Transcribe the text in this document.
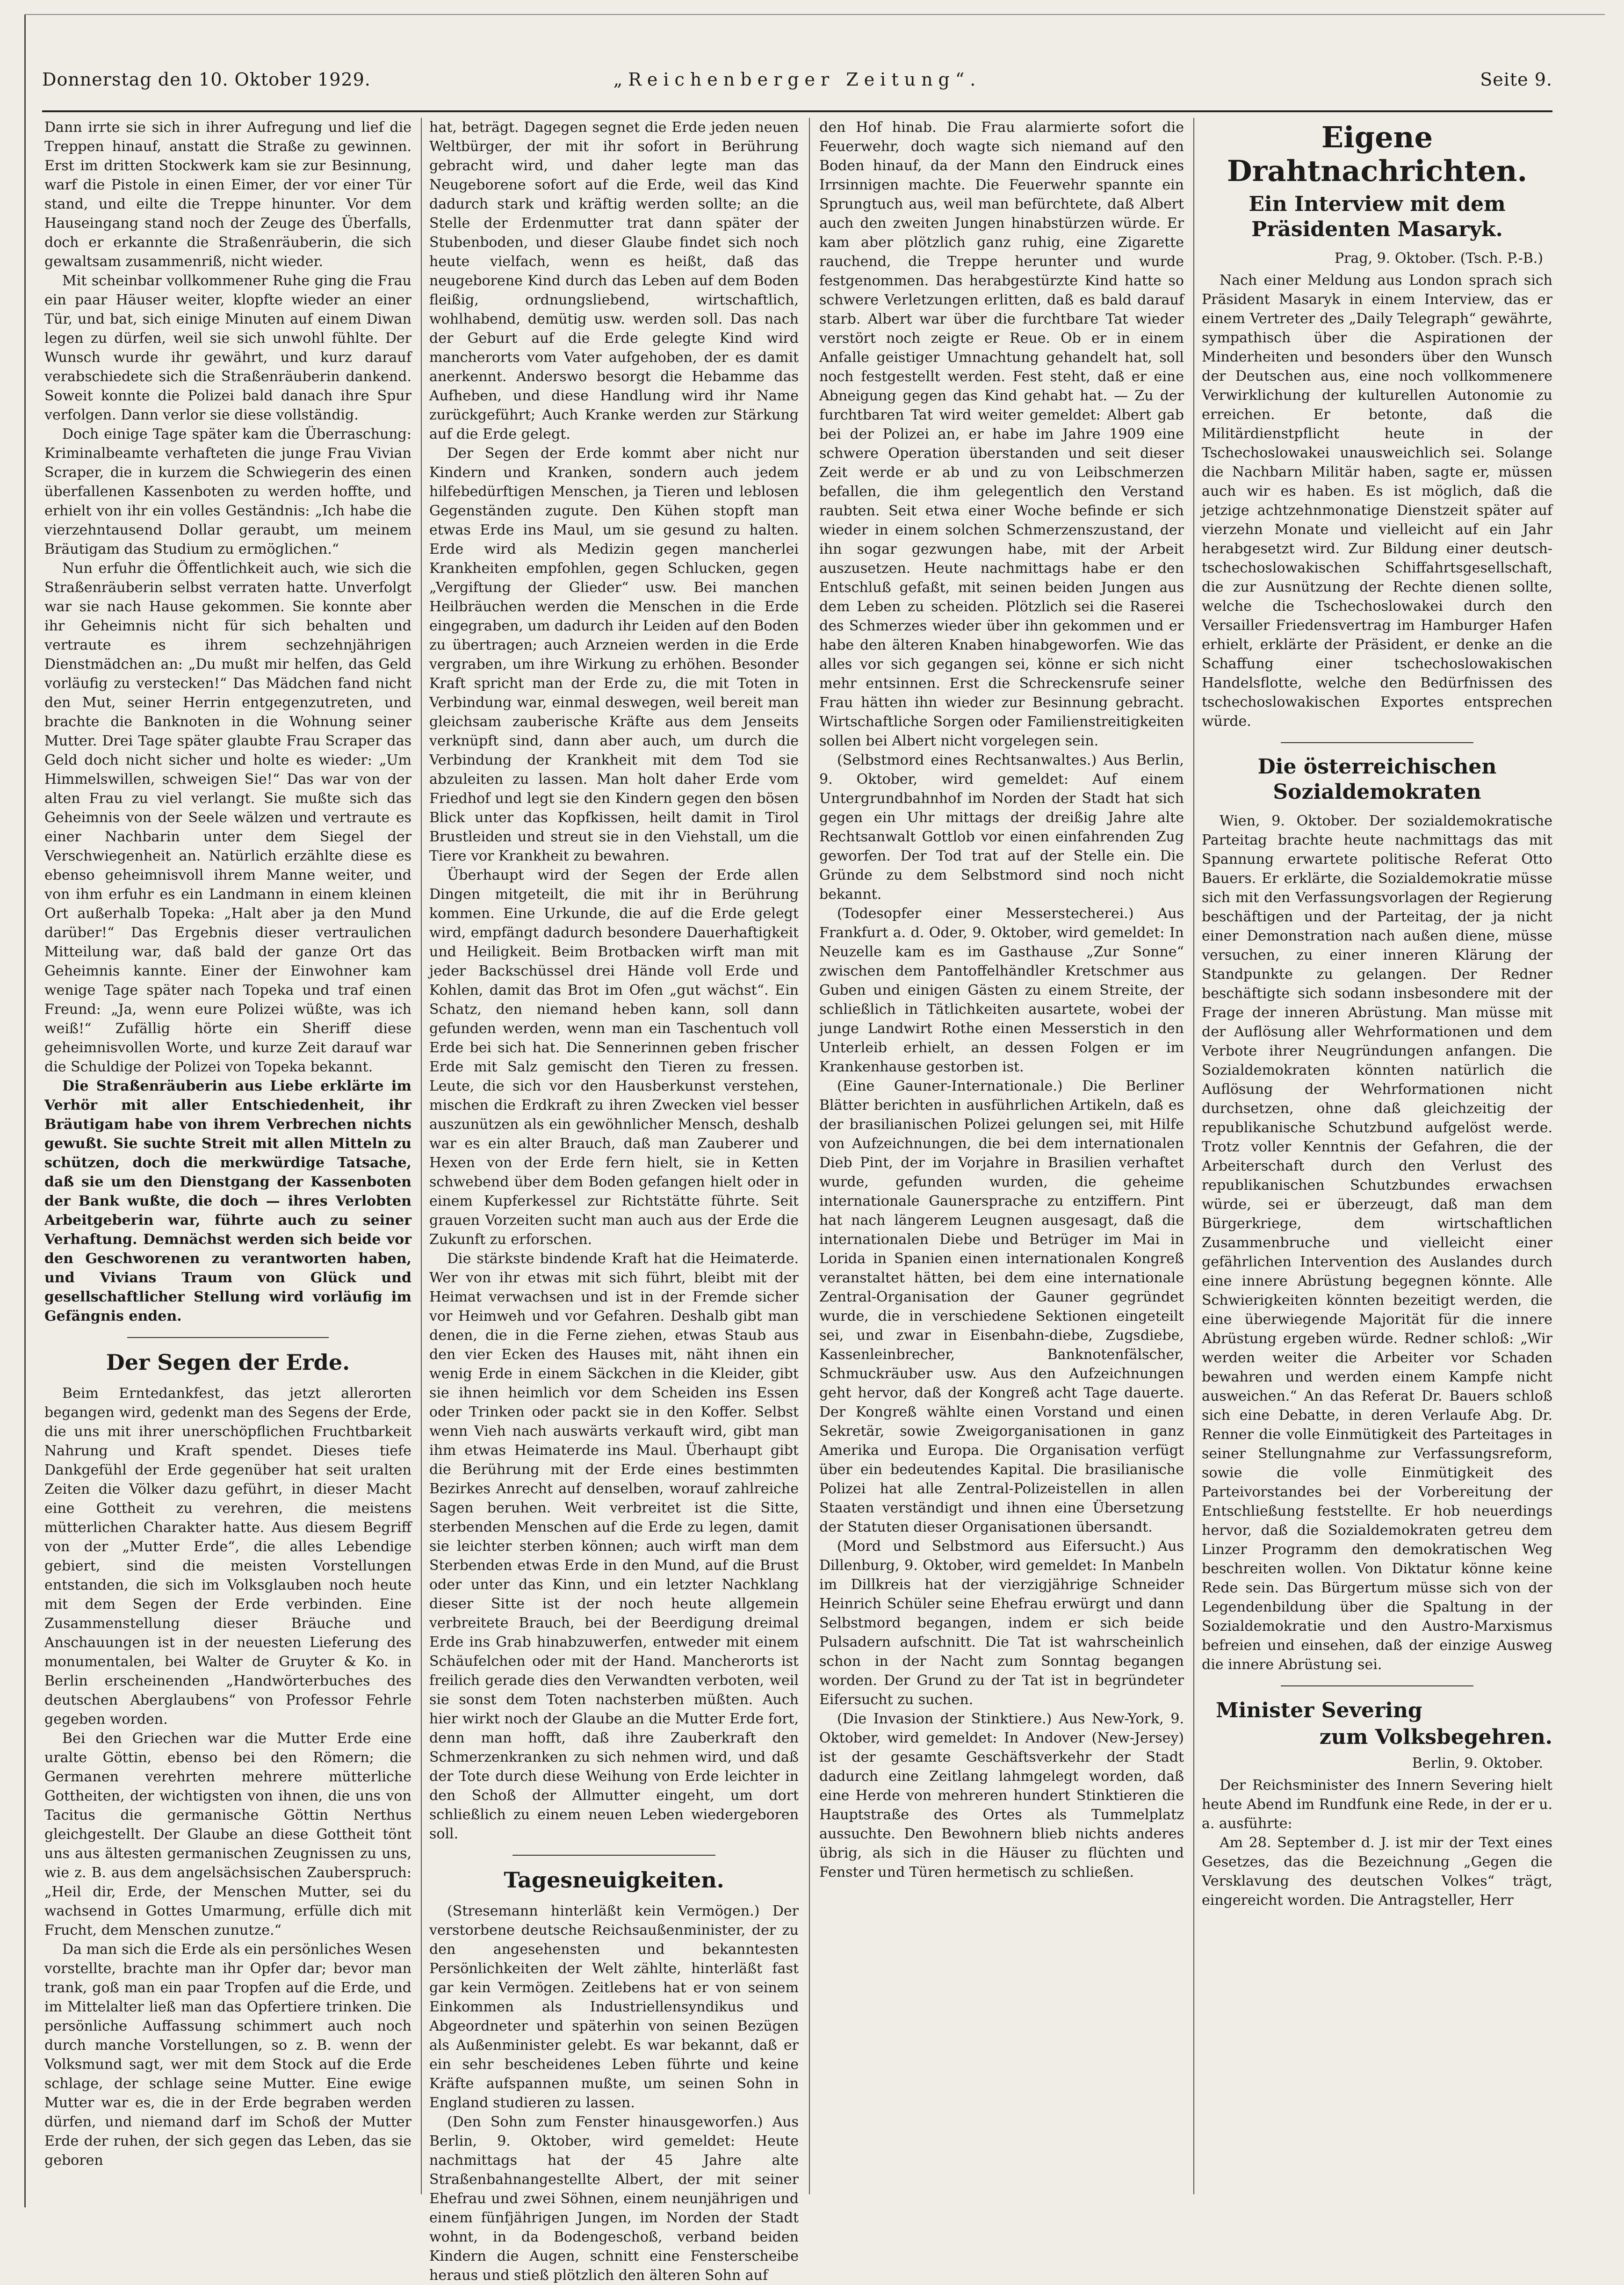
Donnerstag den 10. Oktober 1929.	„Reichenberger Zeitung“.	Seite 9.

Dann irrte sie sich in ihrer Aufregung und lief die Treppen hinauf, anstatt die Straße zu gewinnen. Erst im dritten Stockwerk kam sie zur Besinnung, warf die Pistole in einen Eimer, der vor einer Tür stand, und eilte die Treppe hinunter. Vor dem Hauseingang stand noch der Zeuge des Überfalls, doch er erkannte die Straßenräuberin, die sich gewaltsam zusammenriß, nicht wieder.

Mit scheinbar vollkommener Ruhe ging die Frau ein paar Häuser weiter, klopfte wieder an einer Tür, und bat, sich einige Minuten auf einem Diwan legen zu dürfen, weil sie sich unwohl fühlte. Der Wunsch wurde ihr gewährt, und kurz darauf verabschiedete sich die Straßenräuberin dankend. Soweit konnte die Polizei bald danach ihre Spur verfolgen. Dann verlor sie diese vollständig.

Doch einige Tage später kam die Überraschung: Kriminalbeamte verhafteten die junge Frau Vivian Scraper, die in kurzem die Schwiegerin des einen überfallenen Kassenboten zu werden hoffte, und erhielt von ihr ein volles Geständnis: „Ich habe die vierzehntausend Dollar geraubt, um meinem Bräutigam das Studium zu ermöglichen.“

Nun erfuhr die Öffentlichkeit auch, wie sich die Straßenräuberin selbst verraten hatte. Unverfolgt war sie nach Hause gekommen. Sie konnte aber ihr Geheimnis nicht für sich behalten und vertraute es ihrem sechzehnjährigen Dienstmädchen an: „Du mußt mir helfen, das Geld vorläufig zu verstecken!“ Das Mädchen fand nicht den Mut, seiner Herrin entgegenzutreten, und brachte die Banknoten in die Wohnung seiner Mutter. Drei Tage später glaubte Frau Scraper das Geld doch nicht sicher und holte es wieder: „Um Himmelswillen, schweigen Sie!“ Das war von der alten Frau zu viel verlangt. Sie mußte sich das Geheimnis von der Seele wälzen und vertraute es einer Nachbarin unter dem Siegel der Verschwiegenheit an. Natürlich erzählte diese es ebenso geheimnisvoll ihrem Manne weiter, und von ihm erfuhr es ein Landmann in einem kleinen Ort außerhalb Topeka: „Halt aber ja den Mund darüber!“ Das Ergebnis dieser vertraulichen Mitteilung war, daß bald der ganze Ort das Geheimnis kannte. Einer der Einwohner kam wenige Tage später nach Topeka und traf einen Freund: „Ja, wenn eure Polizei wüßte, was ich weiß!“ Zufällig hörte ein Sheriff diese geheimnisvollen Worte, und kurze Zeit darauf war die Schuldige der Polizei von Topeka bekannt.

Die Straßenräuberin aus Liebe erklärte im Verhör mit aller Entschiedenheit, ihr Bräutigam habe von ihrem Verbrechen nichts gewußt. Sie suchte Streit mit allen Mitteln zu schützen, doch die merkwürdige Tatsache, daß sie um den Dienstgang der Kassenboten der Bank wußte, die doch — ihres Verlobten Arbeitgeberin war, führte auch zu seiner Verhaftung. Demnächst werden sich beide vor den Geschworenen zu verantworten haben, und Vivians Traum von Glück und gesellschaftlicher Stellung wird vorläufig im Gefängnis enden.

Der Segen der Erde.

Beim Erntedankfest, das jetzt allerorten begangen wird, gedenkt man des Segens der Erde, die uns mit ihrer unerschöpflichen Fruchtbarkeit Nahrung und Kraft spendet. Dieses tiefe Dankgefühl der Erde gegenüber hat seit uralten Zeiten die Völker dazu geführt, in dieser Macht eine Gottheit zu verehren, die meistens mütterlichen Charakter hatte. Aus diesem Begriff von der „Mutter Erde“, die alles Lebendige gebiert, sind die meisten Vorstellungen entstanden, die sich im Volksglauben noch heute mit dem Segen der Erde verbinden. Eine Zusammenstellung dieser Bräuche und Anschauungen ist in der neuesten Lieferung des monumentalen, bei Walter de Gruyter & Ko. in Berlin erscheinenden „Handwörterbuches des deutschen Aberglaubens“ von Professor Fehrle gegeben worden.

Bei den Griechen war die Mutter Erde eine uralte Göttin, ebenso bei den Römern; die Germanen verehrten mehrere mütterliche Gottheiten, der wichtigsten von ihnen, die uns von Tacitus die germanische Göttin Nerthus gleichgestellt. Der Glaube an diese Gottheit tönt uns aus ältesten germanischen Zeugnissen zu uns, wie z. B. aus dem angelsächsischen Zauberspruch: „Heil dir, Erde, der Menschen Mutter, sei du wachsend in Gottes Umarmung, erfülle dich mit Frucht, dem Menschen zunutze.“

Da man sich die Erde als ein persönliches Wesen vorstellte, brachte man ihr Opfer dar; bevor man trank, goß man ein paar Tropfen auf die Erde, und im Mittelalter ließ man das Opfertiere trinken. Die persönliche Auffassung schimmert auch noch durch manche Vorstellungen, so z. B. wenn der Volksmund sagt, wer mit dem Stock auf die Erde schlage, der schlage seine Mutter. Eine ewige Mutter war es, die in der Erde begraben werden dürfen, und niemand darf im Schoß der Mutter Erde der ruhen, der sich gegen das Leben, das sie geboren

hat, beträgt. Dagegen segnet die Erde jeden neuen Weltbürger, der mit ihr sofort in Berührung gebracht wird, und daher legte man das Neugeborene sofort auf die Erde, weil das Kind dadurch stark und kräftig werden sollte; an die Stelle der Erdenmutter trat dann später der Stubenboden, und dieser Glaube findet sich noch heute vielfach, wenn es heißt, daß das neugeborene Kind durch das Leben auf dem Boden fleißig, ordnungsliebend, wirtschaftlich, wohlhabend, demütig usw. werden soll. Das nach der Geburt auf die Erde gelegte Kind wird mancherorts vom Vater aufgehoben, der es damit anerkennt. Anderswo besorgt die Hebamme das Aufheben, und diese Handlung wird ihr Name zurückgeführt; Auch Kranke werden zur Stärkung auf die Erde gelegt.

Der Segen der Erde kommt aber nicht nur Kindern und Kranken, sondern auch jedem hilfebedürftigen Menschen, ja Tieren und leblosen Gegenständen zugute. Den Kühen stopft man etwas Erde ins Maul, um sie gesund zu halten. Erde wird als Medizin gegen mancherlei Krankheiten empfohlen, gegen Schlucken, gegen „Vergiftung der Glieder“ usw. Bei manchen Heilbräuchen werden die Menschen in die Erde eingegraben, um dadurch ihr Leiden auf den Boden zu übertragen; auch Arzneien werden in die Erde vergraben, um ihre Wirkung zu erhöhen. Besonder Kraft spricht man der Erde zu, die mit Toten in Verbindung war, einmal deswegen, weil bereit man gleichsam zauberische Kräfte aus dem Jenseits verknüpft sind, dann aber auch, um durch die Verbindung der Krankheit mit dem Tod sie abzuleiten zu lassen. Man holt daher Erde vom Friedhof und legt sie den Kindern gegen den bösen Blick unter das Kopfkissen, heilt damit in Tirol Brustleiden und streut sie in den Viehstall, um die Tiere vor Krankheit zu bewahren.

Überhaupt wird der Segen der Erde allen Dingen mitgeteilt, die mit ihr in Berührung kommen. Eine Urkunde, die auf die Erde gelegt wird, empfängt dadurch besondere Dauerhaftigkeit und Heiligkeit. Beim Brotbacken wirft man mit jeder Backschüssel drei Hände voll Erde und Kohlen, damit das Brot im Ofen „gut wächst“. Ein Schatz, den niemand heben kann, soll dann gefunden werden, wenn man ein Taschentuch voll Erde bei sich hat. Die Sennerinnen geben frischer Erde mit Salz gemischt den Tieren zu fressen. Leute, die sich vor den Hausberkunst verstehen, mischen die Erdkraft zu ihren Zwecken viel besser auszunützen als ein gewöhnlicher Mensch, deshalb war es ein alter Brauch, daß man Zauberer und Hexen von der Erde fern hielt, sie in Ketten schwebend über dem Boden gefangen hielt oder in einem Kupferkessel zur Richtstätte führte. Seit grauen Vorzeiten sucht man auch aus der Erde die Zukunft zu erforschen.

Die stärkste bindende Kraft hat die Heimaterde. Wer von ihr etwas mit sich führt, bleibt mit der Heimat verwachsen und ist in der Fremde sicher vor Heimweh und vor Gefahren. Deshalb gibt man denen, die in die Ferne ziehen, etwas Staub aus den vier Ecken des Hauses mit, näht ihnen ein wenig Erde in einem Säckchen in die Kleider, gibt sie ihnen heimlich vor dem Scheiden ins Essen oder Trinken oder packt sie in den Koffer. Selbst wenn Vieh nach auswärts verkauft wird, gibt man ihm etwas Heimaterde ins Maul. Überhaupt gibt die Berührung mit der Erde eines bestimmten Bezirkes Anrecht auf denselben, worauf zahlreiche Sagen beruhen. Weit verbreitet ist die Sitte, sterbenden Menschen auf die Erde zu legen, damit sie leichter sterben können; auch wirft man dem Sterbenden etwas Erde in den Mund, auf die Brust oder unter das Kinn, und ein letzter Nachklang dieser Sitte ist der noch heute allgemein verbreitete Brauch, bei der Beerdigung dreimal Erde ins Grab hinabzuwerfen, entweder mit einem Schäufelchen oder mit der Hand. Mancherorts ist freilich gerade dies den Verwandten verboten, weil sie sonst dem Toten nachsterben müßten. Auch hier wirkt noch der Glaube an die Mutter Erde fort, denn man hofft, daß ihre Zauberkraft den Schmerzenkranken zu sich nehmen wird, und daß der Tote durch diese Weihung von Erde leichter in den Schoß der Allmutter eingeht, um dort schließlich zu einem neuen Leben wiedergeboren soll.

Tagesneuigkeiten.

(Stresemann hinterläßt kein Vermögen.) Der verstorbene deutsche Reichsaußenminister, der zu den angesehensten und bekanntesten Persönlichkeiten der Welt zählte, hinterläßt fast gar kein Vermögen. Zeitlebens hat er von seinem Einkommen als Industriellensyndikus und Abgeordneter und späterhin von seinen Bezügen als Außenminister gelebt. Es war bekannt, daß er ein sehr bescheidenes Leben führte und keine Kräfte aufspannen mußte, um seinen Sohn in England studieren zu lassen.

(Den Sohn zum Fenster hinausgeworfen.) Aus Berlin, 9. Oktober, wird gemeldet: Heute nachmittags hat der 45 Jahre alte Straßenbahnangestellte Albert, der mit seiner Ehefrau und zwei Söhnen, einem neunjährigen und einem fünfjährigen Jungen, im Norden der Stadt wohnt, in da Bodengeschoß, verband beiden Kindern die Augen, schnitt eine Fensterscheibe heraus und stieß plötzlich den älteren Sohn auf

den Hof hinab. Die Frau alarmierte sofort die Feuerwehr, doch wagte sich niemand auf den Boden hinauf, da der Mann den Eindruck eines Irrsinnigen machte. Die Feuerwehr spannte ein Sprungtuch aus, weil man befürchtete, daß Albert auch den zweiten Jungen hinabstürzen würde. Er kam aber plötzlich ganz ruhig, eine Zigarette rauchend, die Treppe herunter und wurde festgenommen. Das herabgestürzte Kind hatte so schwere Verletzungen erlitten, daß es bald darauf starb. Albert war über die furchtbare Tat wieder verstört noch zeigte er Reue. Ob er in einem Anfalle geistiger Umnachtung gehandelt hat, soll noch festgestellt werden. Fest steht, daß er eine Abneigung gegen das Kind gehabt hat. — Zu der furchtbaren Tat wird weiter gemeldet: Albert gab bei der Polizei an, er habe im Jahre 1909 eine schwere Operation überstanden und seit dieser Zeit werde er ab und zu von Leibschmerzen befallen, die ihm gelegentlich den Verstand raubten. Seit etwa einer Woche befinde er sich wieder in einem solchen Schmerzenszustand, der ihn sogar gezwungen habe, mit der Arbeit auszusetzen. Heute nachmittags habe er den Entschluß gefaßt, mit seinen beiden Jungen aus dem Leben zu scheiden. Plötzlich sei die Raserei des Schmerzes wieder über ihn gekommen und er habe den älteren Knaben hinabgeworfen. Wie das alles vor sich gegangen sei, könne er sich nicht mehr entsinnen. Erst die Schreckensrufe seiner Frau hätten ihn wieder zur Besinnung gebracht. Wirtschaftliche Sorgen oder Familienstreitigkeiten sollen bei Albert nicht vorgelegen sein.

(Selbstmord eines Rechtsanwaltes.) Aus Berlin, 9. Oktober, wird gemeldet: Auf einem Untergrundbahnhof im Norden der Stadt hat sich gegen ein Uhr mittags der dreißig Jahre alte Rechtsanwalt Gottlob vor einen einfahrenden Zug geworfen. Der Tod trat auf der Stelle ein. Die Gründe zu dem Selbstmord sind noch nicht bekannt.

(Todesopfer einer Messerstecherei.) Aus Frankfurt a. d. Oder, 9. Oktober, wird gemeldet: In Neuzelle kam es im Gasthause „Zur Sonne“ zwischen dem Pantoffelhändler Kretschmer aus Guben und einigen Gästen zu einem Streite, der schließlich in Tätlichkeiten ausartete, wobei der junge Landwirt Rothe einen Messerstich in den Unterleib erhielt, an dessen Folgen er im Krankenhause gestorben ist.

(Eine Gauner-Internationale.) Die Berliner Blätter berichten in ausführlichen Artikeln, daß es der brasilianischen Polizei gelungen sei, mit Hilfe von Aufzeichnungen, die bei dem internationalen Dieb Pint, der im Vorjahre in Brasilien verhaftet wurde, gefunden wurden, die geheime internationale Gaunersprache zu entziffern. Pint hat nach längerem Leugnen ausgesagt, daß die internationalen Diebe und Betrüger im Mai in Lorida in Spanien einen internationalen Kongreß veranstaltet hätten, bei dem eine internationale Zentral-Organisation der Gauner gegründet wurde, die in verschiedene Sektionen eingeteilt sei, und zwar in Eisenbahn-diebe, Zugsdiebe, Kassenleinbrecher, Banknotenfälscher, Schmuckräuber usw. Aus den Aufzeichnungen geht hervor, daß der Kongreß acht Tage dauerte. Der Kongreß wählte einen Vorstand und einen Sekretär, sowie Zweigorganisationen in ganz Amerika und Europa. Die Organisation verfügt über ein bedeutendes Kapital. Die brasilianische Polizei hat alle Zentral-Polizeistellen in allen Staaten verständigt und ihnen eine Übersetzung der Statuten dieser Organisationen übersandt.

(Mord und Selbstmord aus Eifersucht.) Aus Dillenburg, 9. Oktober, wird gemeldet: In Manbeln im Dillkreis hat der vierzigjährige Schneider Heinrich Schüler seine Ehefrau erwürgt und dann Selbstmord begangen, indem er sich beide Pulsadern aufschnitt. Die Tat ist wahrscheinlich schon in der Nacht zum Sonntag begangen worden. Der Grund zu der Tat ist in begründeter Eifersucht zu suchen.

(Die Invasion der Stinktiere.) Aus New-York, 9. Oktober, wird gemeldet: In Andover (New-Jersey) ist der gesamte Geschäftsverkehr der Stadt dadurch eine Zeitlang lahmgelegt worden, daß eine Herde von mehreren hundert Stinktieren die Hauptstraße des Ortes als Tummelplatz aussuchte. Den Bewohnern blieb nichts anderes übrig, als sich in die Häuser zu flüchten und Fenster und Türen hermetisch zu schließen.

Eigene Drahtnachrichten.
Ein Interview mit dem Präsidenten Masaryk.
Prag, 9. Oktober. (Tsch. P.-B.)

Nach einer Meldung aus London sprach sich Präsident Masaryk in einem Interview, das er einem Vertreter des „Daily Telegraph“ gewährte, sympathisch über die Aspirationen der Minderheiten und besonders über den Wunsch der Deutschen aus, eine noch vollkommenere Verwirklichung der kulturellen Autonomie zu erreichen. Er betonte, daß die Militärdienstpflicht heute in der Tschechoslowakei unausweichlich sei. Solange die Nachbarn Militär haben, sagte er, müssen auch wir es haben. Es ist möglich, daß die jetzige achtzehnmonatige Dienstzeit später auf vierzehn Monate und vielleicht auf ein Jahr herabgesetzt wird. Zur Bildung einer deutsch-tschechoslowakischen Schiffahrtsgesellschaft, die zur Ausnützung der Rechte dienen sollte, welche die Tschechoslowakei durch den Versailler Friedensvertrag im Hamburger Hafen erhielt, erklärte der Präsident, er denke an die Schaffung einer tschechoslowakischen Handelsflotte, welche den Bedürfnissen des tschechoslowakischen Exportes entsprechen würde.

Die österreichischen Sozialdemokraten

Wien, 9. Oktober. Der sozialdemokratische Parteitag brachte heute nachmittags das mit Spannung erwartete politische Referat Otto Bauers. Er erklärte, die Sozialdemokratie müsse sich mit den Verfassungsvorlagen der Regierung beschäftigen und der Parteitag, der ja nicht einer Demonstration nach außen diene, müsse versuchen, zu einer inneren Klärung der Standpunkte zu gelangen. Der Redner beschäftigte sich sodann insbesondere mit der Frage der inneren Abrüstung. Man müsse mit der Auflösung aller Wehrformationen und dem Verbote ihrer Neugründungen anfangen. Die Sozialdemokraten könnten natürlich die Auflösung der Wehrformationen nicht durchsetzen, ohne daß gleichzeitig der republikanische Schutzbund aufgelöst werde. Trotz voller Kenntnis der Gefahren, die der Arbeiterschaft durch den Verlust des republikanischen Schutzbundes erwachsen würde, sei er überzeugt, daß man dem Bürgerkriege, dem wirtschaftlichen Zusammenbruche und vielleicht einer gefährlichen Intervention des Auslandes durch eine innere Abrüstung begegnen könnte. Alle Schwierigkeiten könnten bezeitigt werden, die eine überwiegende Majorität für die innere Abrüstung ergeben würde. Redner schloß: „Wir werden weiter die Arbeiter vor Schaden bewahren und werden einem Kampfe nicht ausweichen.“ An das Referat Dr. Bauers schloß sich eine Debatte, in deren Verlaufe Abg. Dr. Renner die volle Einmütigkeit des Parteitages in seiner Stellungnahme zur Verfassungsreform, sowie die volle Einmütigkeit des Parteivorstandes bei der Vorbereitung der Entschließung feststellte. Er hob neuerdings hervor, daß die Sozialdemokraten getreu dem Linzer Programm den demokratischen Weg beschreiten wollen. Von Diktatur könne keine Rede sein. Das Bürgertum müsse sich von der Legendenbildung über die Spaltung in der Sozialdemokratie und den Austro-Marxismus befreien und einsehen, daß der einzige Ausweg die innere Abrüstung sei.

Minister Severing
zum Volksbegehren.
Berlin, 9. Oktober.

Der Reichsminister des Innern Severing hielt heute Abend im Rundfunk eine Rede, in der er u. a. ausführte:

Am 28. September d. J. ist mir der Text eines Gesetzes, das die Bezeichnung „Gegen die Versklavung des deutschen Volkes“ trägt, eingereicht worden. Die Antragsteller, Herr
